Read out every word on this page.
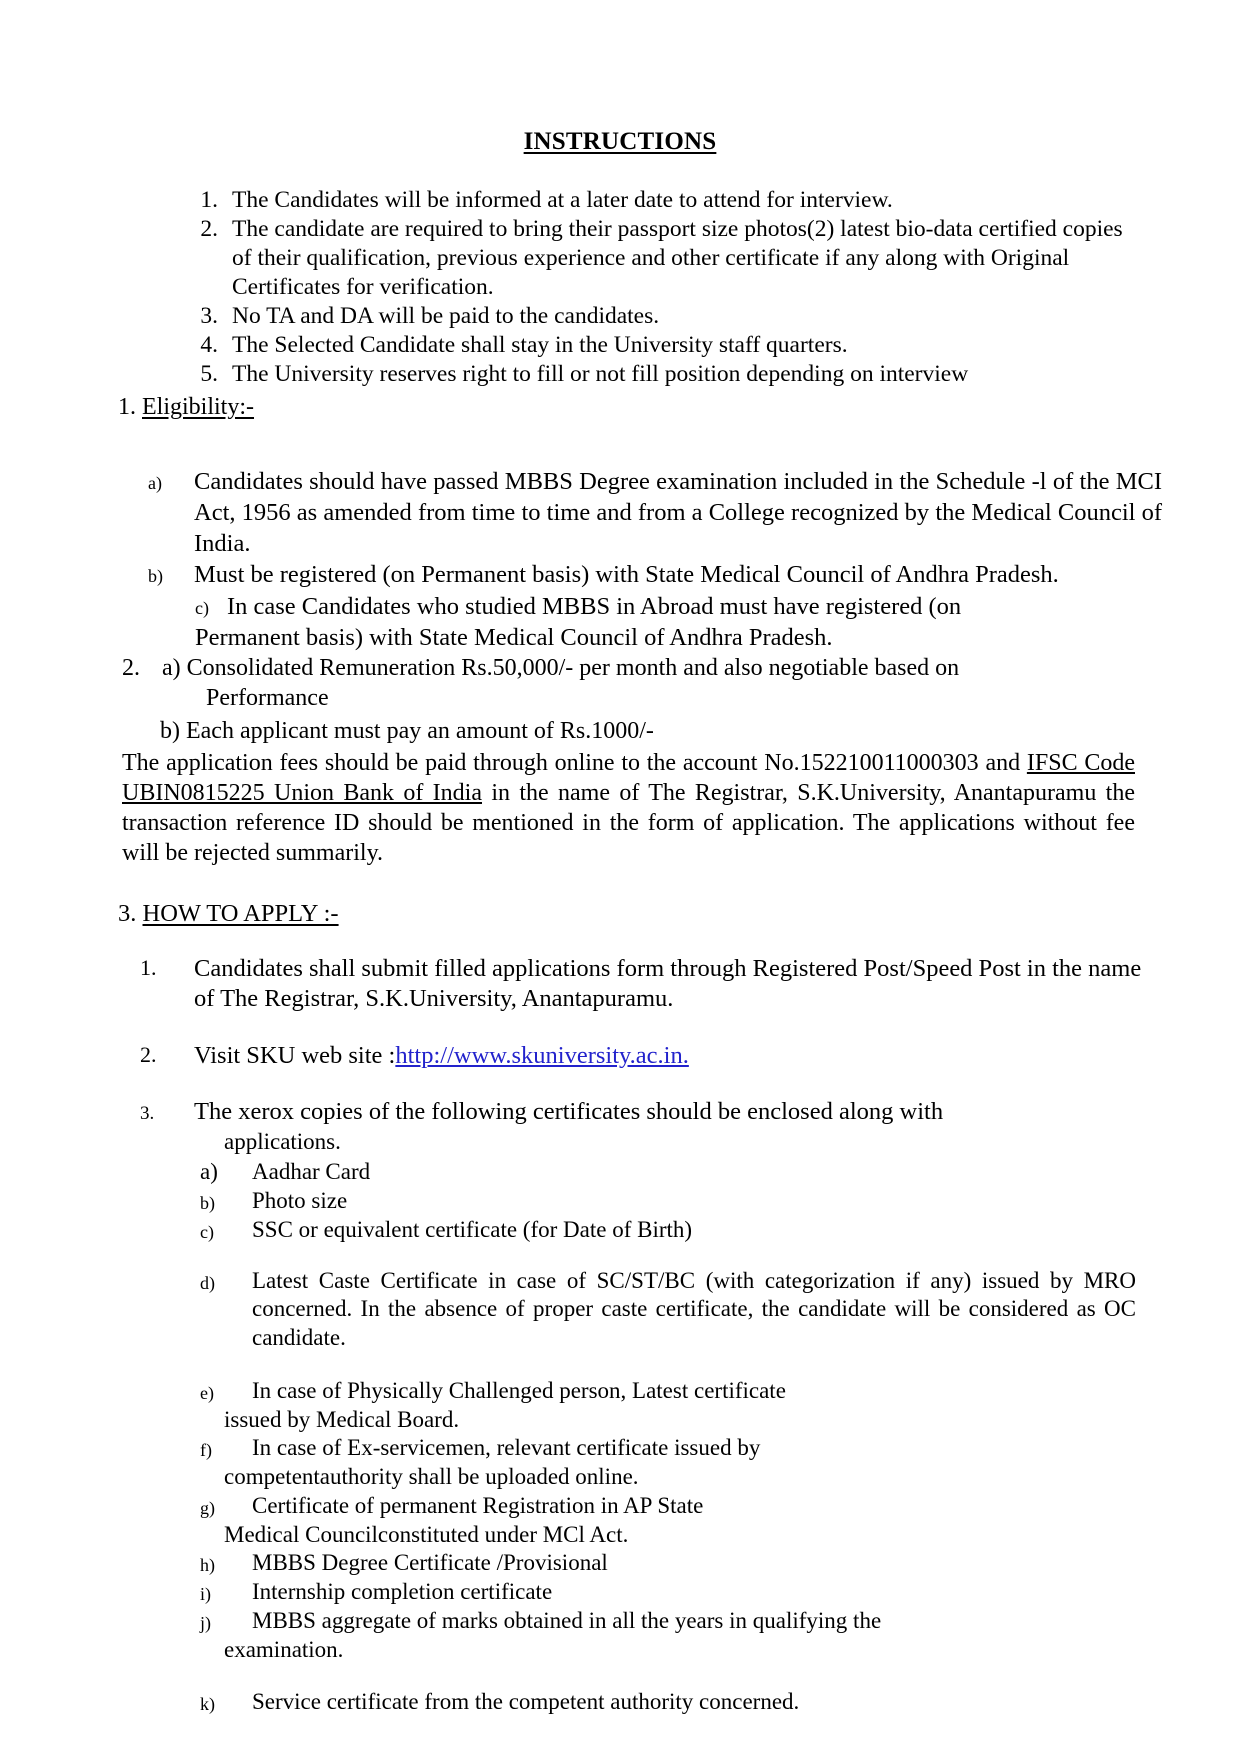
INSTRUCTIONS
1. The Candidates will be informed at a later date to attend for interview.
2. The candidate are required to bring their passport size photos(2) latest bio-data certified copies of their qualification, previous experience and other certificate if any along with Original Certificates for verification.
3. No TA and DA will be paid to the candidates.
4. The Selected Candidate shall stay in the University staff quarters.
5. The University reserves right to fill or not fill position depending on interview
1. Eligibility:-
a)	Candidates should have passed MBBS Degree examination included in the Schedule -l of the MCI Act, 1956 as amended from time to time and from a College recognized by the Medical Council of India.
b)	Must be registered (on Permanent basis) with State Medical Council of Andhra Pradesh.
c) In case Candidates who studied MBBS in Abroad must have registered (on
Permanent basis) with State Medical Council of Andhra Pradesh.
2. a) Consolidated Remuneration Rs.50,000/- per month and also negotiable based on
Performance
b) Each applicant must pay an amount of Rs.1000/-
The application fees should be paid through online to the account No.152210011000303 and IFSC Code UBIN0815225 Union Bank of India in the name of The Registrar, S.K.University, Anantapuramu the transaction reference ID should be mentioned in the form of application. The applications without fee will be rejected summarily.
3. HOW TO APPLY :-
1.	Candidates shall submit filled applications form through Registered Post/Speed Post in the name of The Registrar, S.K.University, Anantapuramu.
2.	Visit SKU web site :http://www.skuniversity.ac.in.
3.	The xerox copies of the following certificates should be enclosed along with
applications.
a)	Aadhar Card
b)	Photo size
c)	SSC or equivalent certificate (for Date of Birth)
d)	Latest Caste Certificate in case of SC/ST/BC (with categorization if any) issued by MRO concerned. In the absence of proper caste certificate, the candidate will be considered as OC candidate.
e)	In case of Physically Challenged person, Latest certificate
issued by Medical Board.
f)	In case of Ex-servicemen, relevant certificate issued by
competentauthority shall be uploaded online.
g)	Certificate of permanent Registration in AP State
Medical Councilconstituted under MCl Act.
h)	MBBS Degree Certificate /Provisional
i)	Internship completion certificate
j)	MBBS aggregate of marks obtained in all the years in qualifying the
examination.
k)	Service certificate from the competent authority concerned.
